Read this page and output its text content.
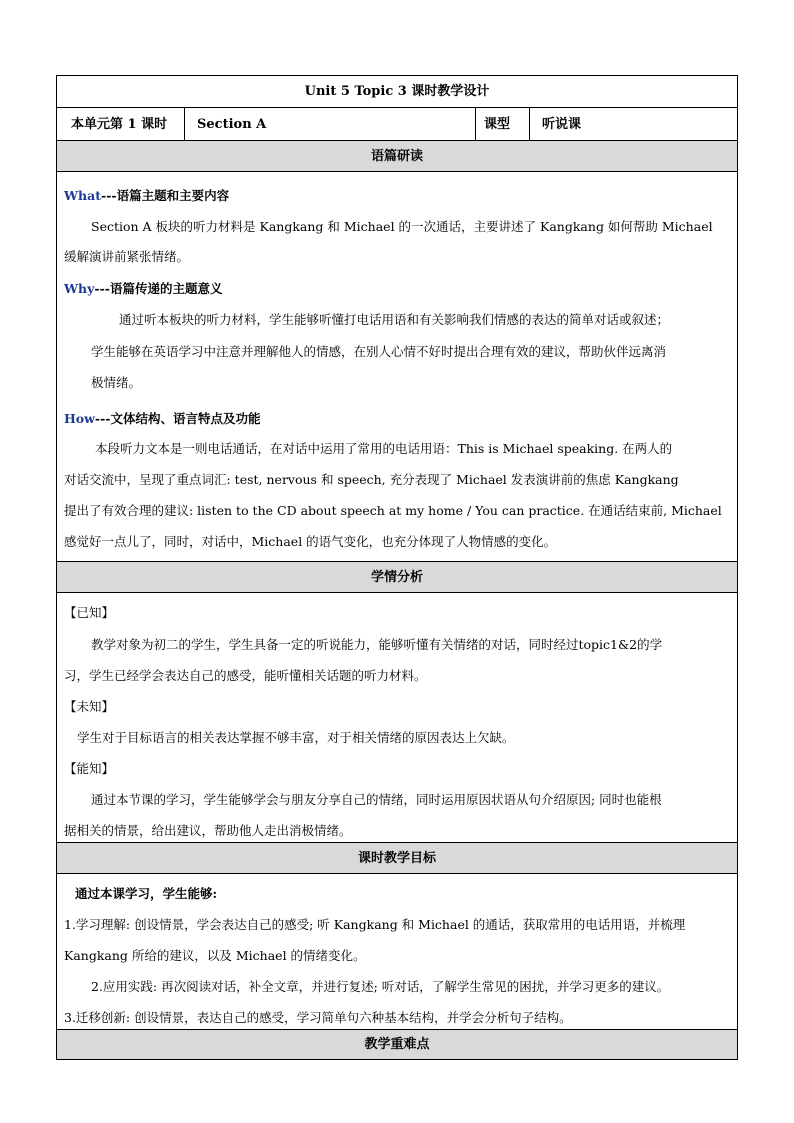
Unit 5 Topic 3 课时教学设计
本单元第 1 课时	Section A	课型	听说课
语篇研读
What---语篇主题和主要内容
Section A 板块的听力材料是 Kangkang 和 Michael 的一次通话，主要讲述了 Kangkang 如何帮助 Michael
缓解演讲前紧张情绪。
Why---语篇传递的主题意义
通过听本板块的听力材料，学生能够听懂打电话用语和有关影响我们情感的表达的简单对话或叙述；
学生能够在英语学习中注意并理解他人的情感，在别人心情不好时提出合理有效的建议，帮助伙伴远离消
极情绪。
How---文体结构、语言特点及功能
本段听力文本是一则电话通话，在对话中运用了常用的电话用语：This is Michael speaking. 在两人的
对话交流中，呈现了重点词汇: test, nervous 和 speech, 充分表现了 Michael 发表演讲前的焦虑 Kangkang
提出了有效合理的建议: listen to the CD about speech at my home / You can practice. 在通话结束前, Michael
感觉好一点儿了，同时，对话中，Michael 的语气变化，也充分体现了人物情感的变化。
学情分析
【已知】
教学对象为初二的学生，学生具备一定的听说能力，能够听懂有关情绪的对话，同时经过topic1&2的学
习，学生已经学会表达自己的感受，能听懂相关话题的听力材料。
【未知】
学生对于目标语言的相关表达掌握不够丰富，对于相关情绪的原因表达上欠缺。
【能知】
通过本节课的学习，学生能够学会与朋友分享自己的情绪，同时运用原因状语从句介绍原因; 同时也能根
据相关的情景，给出建议，帮助他人走出消极情绪。
课时教学目标
通过本课学习，学生能够:
1.学习理解: 创设情景，学会表达自己的感受; 听 Kangkang 和 Michael 的通话，获取常用的电话用语，并梳理
Kangkang 所给的建议，以及 Michael 的情绪变化。
2.应用实践: 再次阅读对话，补全文章，并进行复述; 听对话，了解学生常见的困扰，并学习更多的建议。
3.迁移创新: 创设情景，表达自己的感受，学习简单句六种基本结构，并学会分析句子结构。
教学重难点
